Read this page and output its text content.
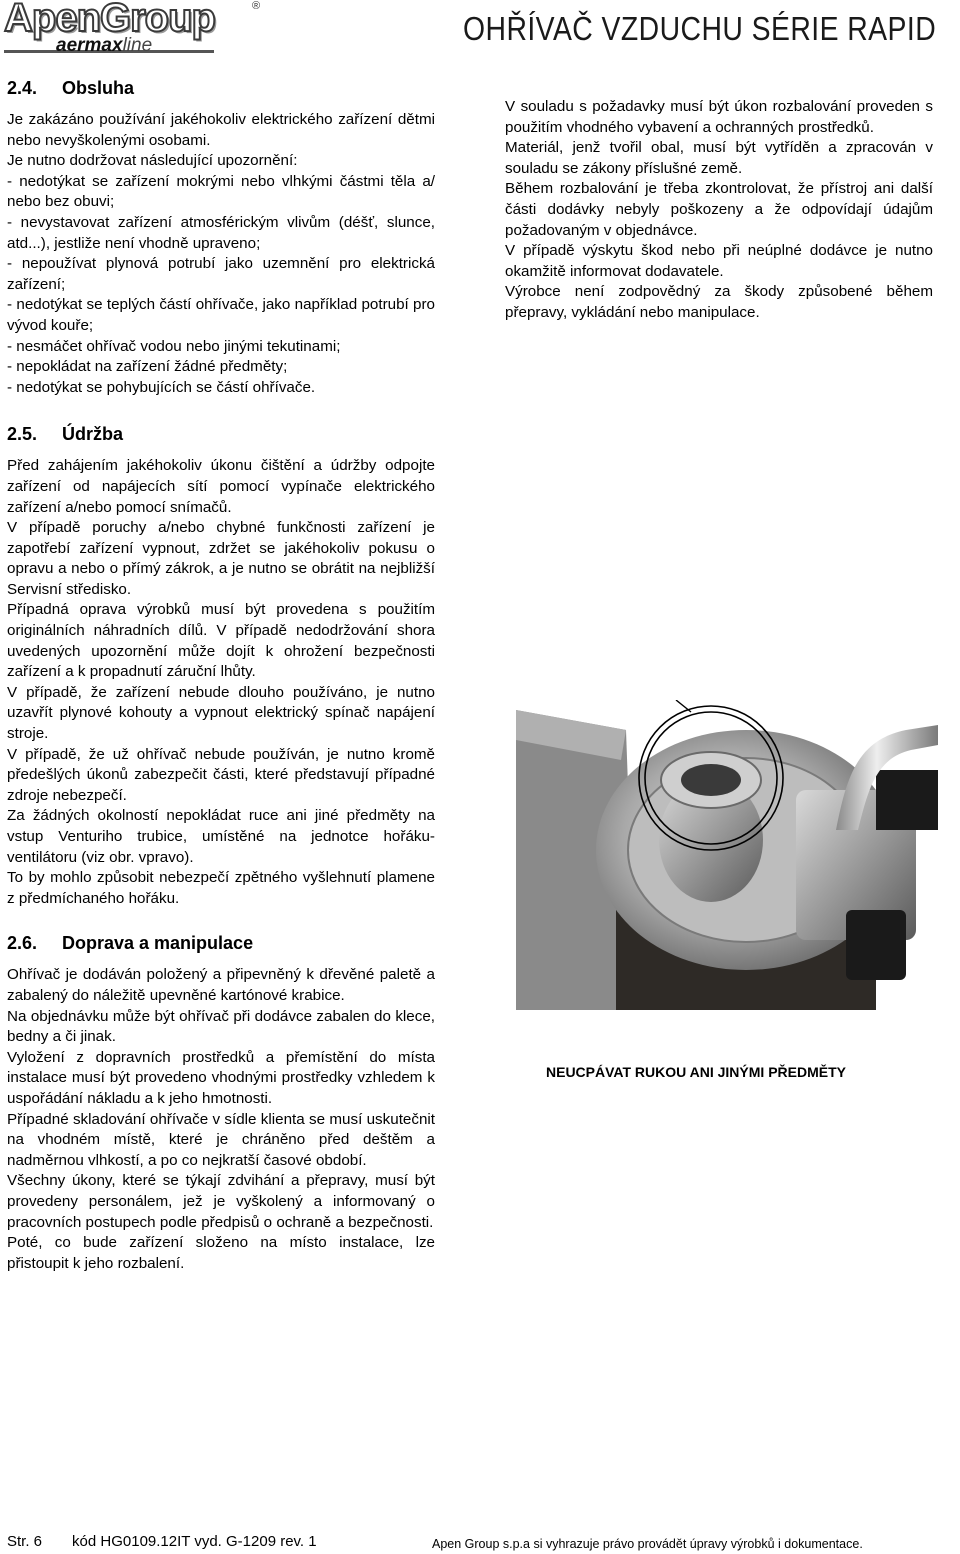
ApenGroup	®
aermaxline	OHŘÍVAČ VZDUCHU SÉRIE RAPID
2.4. Obsluha

Je zakázáno používání jakéhokoliv elektrického zařízení dětmi nebo nevyškolenými osobami.

Je nutno dodržovat následující upozornění:

- nedotýkat se zařízení mokrými nebo vlhkými částmi těla a/ nebo bez obuvi;

- nevystavovat zařízení atmosférickým vlivům (déšť, slunce, atd...), jestliže není vhodně upraveno;

- nepoužívat plynová potrubí jako uzemnění pro elektrická zařízení;

- nedotýkat se teplých částí ohřívače, jako například potrubí pro vývod kouře;

- nesmáčet ohřívač vodou nebo jinými tekutinami;

- nepokládat na zařízení žádné předměty;

- nedotýkat se pohybujících se částí ohřívače.

2.5. Údržba

Před zahájením jakéhokoliv úkonu čištění a údržby odpojte zařízení od napájecích sítí pomocí vypínače elektrického zařízení a/nebo pomocí snímačů.

V případě poruchy a/nebo chybné funkčnosti zařízení je zapotřebí zařízení vypnout, zdržet se jakéhokoliv pokusu o opravu a nebo o přímý zákrok, a je nutno se obrátit na nejbližší Servisní středisko.

Případná oprava výrobků musí být provedena s použitím originálních náhradních dílů. V případě nedodržování shora uvedených upozornění může dojít k ohrožení bezpečnosti zařízení a k propadnutí záruční lhůty.

V případě, že zařízení nebude dlouho používáno, je nutno uzavřít plynové kohouty a vypnout elektrický spínač napájení stroje.

V případě, že už ohřívač nebude používán, je nutno kromě předešlých úkonů zabezpečit části, které představují případné zdroje nebezpečí.

Za žádných okolností nepokládat ruce ani jiné předměty na vstup Venturiho trubice, umístěné na jednotce hořáku-ventilátoru (viz obr. vpravo).

To by mohlo způsobit nebezpečí zpětného vyšlehnutí plamene z předmíchaného hořáku.

2.6. Doprava a manipulace

Ohřívač je dodáván položený a připevněný k dřevěné paletě a zabalený do náležitě upevněné kartónové krabice.

Na objednávku může být ohřívač při dodávce zabalen do klece, bedny a či jinak.

Vyložení z dopravních prostředků a přemístění do místa instalace musí být provedeno vhodnými prostředky vzhledem k uspořádání nákladu a k jeho hmotnosti.

Případné skladování ohřívače v sídle klienta se musí uskutečnit na vhodném místě, které je chráněno před deštěm a nadměrnou vlhkostí, a po co nejkratší časové období.

Všechny úkony, které se týkají zdvihání a přepravy, musí být provedeny personálem, jež je vyškolený a informovaný o pracovních postupech podle předpisů o ochraně a bezpečnosti.

Poté, co bude zařízení složeno na místo instalace, lze přistoupit k jeho rozbalení.

V souladu s požadavky musí být úkon rozbalování proveden s použitím vhodného vybavení a ochranných prostředků.

Materiál, jenž tvořil obal, musí být vytříděn a zpracován v souladu se zákony příslušné země.

Během rozbalování je třeba zkontrolovat, že přístroj ani další části dodávky nebyly poškozeny a že odpovídají údajům požadovaným v objednávce.

V případě výskytu škod nebo při neúplné dodávce je nutno okamžitě informovat dodavatele.

Výrobce není zodpovědný za škody způsobené během přepravy, vykládání nebo manipulace.

NEUCPÁVAT RUKOU ANI JINÝMI PŘEDMĚTY
Str. 6 kód HG0109.12IT vyd. G-1209 rev. 1	Apen Group s.p.a si vyhrazuje právo provádět úpravy výrobků i dokumentace.
